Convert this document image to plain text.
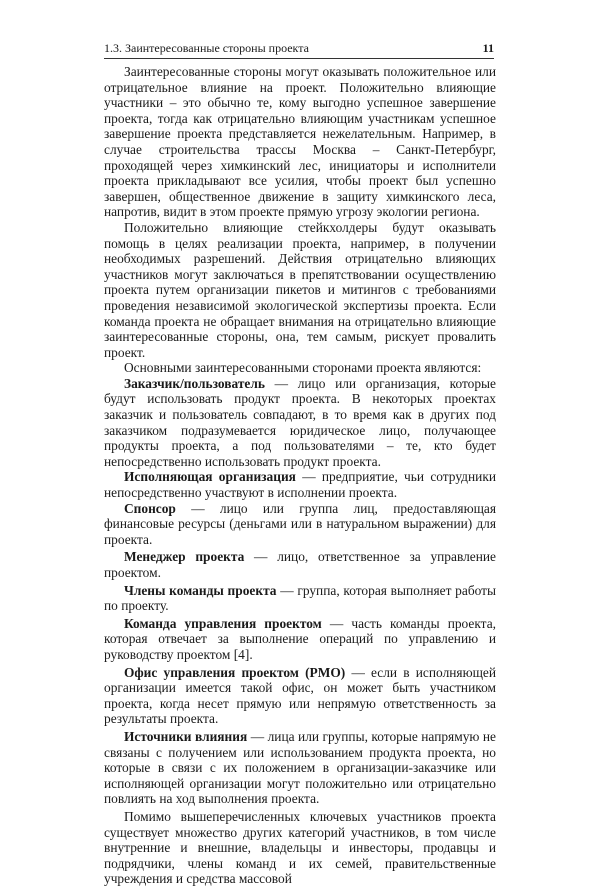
1.3. Заинтересованные стороны проекта	11

Заинтересованные стороны могут оказывать положительное или отрицательное влияние на проект. Положительно влияющие участники – это обычно те, кому выгодно успешное завершение проекта, тогда как отрицательно влияющим участникам успешное завершение проекта представляется нежелательным. Например, в случае строительства трассы Москва – Санкт-Петербург, проходящей через химкинский лес, инициаторы и исполнители проекта прикладывают все усилия, чтобы проект был успешно завершен, общественное движение в защиту химкинского леса, напротив, видит в этом проекте прямую угрозу экологии региона.

Положительно влияющие стейкхолдеры будут оказывать помощь в целях реализации проекта, например, в получении необходимых разрешений. Действия отрицательно влияющих участников могут заключаться в препятствовании осуществлению проекта путем организации пикетов и митингов с требованиями проведения независимой экологической экспертизы проекта. Если команда проекта не обращает внимания на отрицательно влияющие заинтересованные стороны, она, тем самым, рискует провалить проект.

Основными заинтересованными сторонами проекта являются:

Заказчик/пользователь — лицо или организация, которые будут использовать продукт проекта. В некоторых проектах заказчик и пользователь совпадают, в то время как в других под заказчиком подразумевается юридическое лицо, получающее продукты проекта, а под пользователями – те, кто будет непосредственно использовать продукт проекта.

Исполняющая организация — предприятие, чьи сотрудники непосредственно участвуют в исполнении проекта.

Спонсор — лицо или группа лиц, предоставляющая финансовые ресурсы (деньгами или в натуральном выражении) для проекта.

Менеджер проекта — лицо, ответственное за управление проектом.

Члены команды проекта — группа, которая выполняет работы по проекту.

Команда управления проектом — часть команды проекта, которая отвечает за выполнение операций по управлению и руководству проектом [4].

Офис управления проектом (PMO) — если в исполняющей организации имеется такой офис, он может быть участником проекта, когда несет прямую или непрямую ответственность за результаты проекта.

Источники влияния — лица или группы, которые напрямую не связаны с получением или использованием продукта проекта, но которые в связи с их положением в организации-заказчике или исполняющей организации могут положительно или отрицательно повлиять на ход выполнения проекта.

Помимо вышеперечисленных ключевых участников проекта существует множество других категорий участников, в том числе внутренние и внешние, владельцы и инвесторы, продавцы и подрядчики, члены команд и их семей, правительственные учреждения и средства массовой
